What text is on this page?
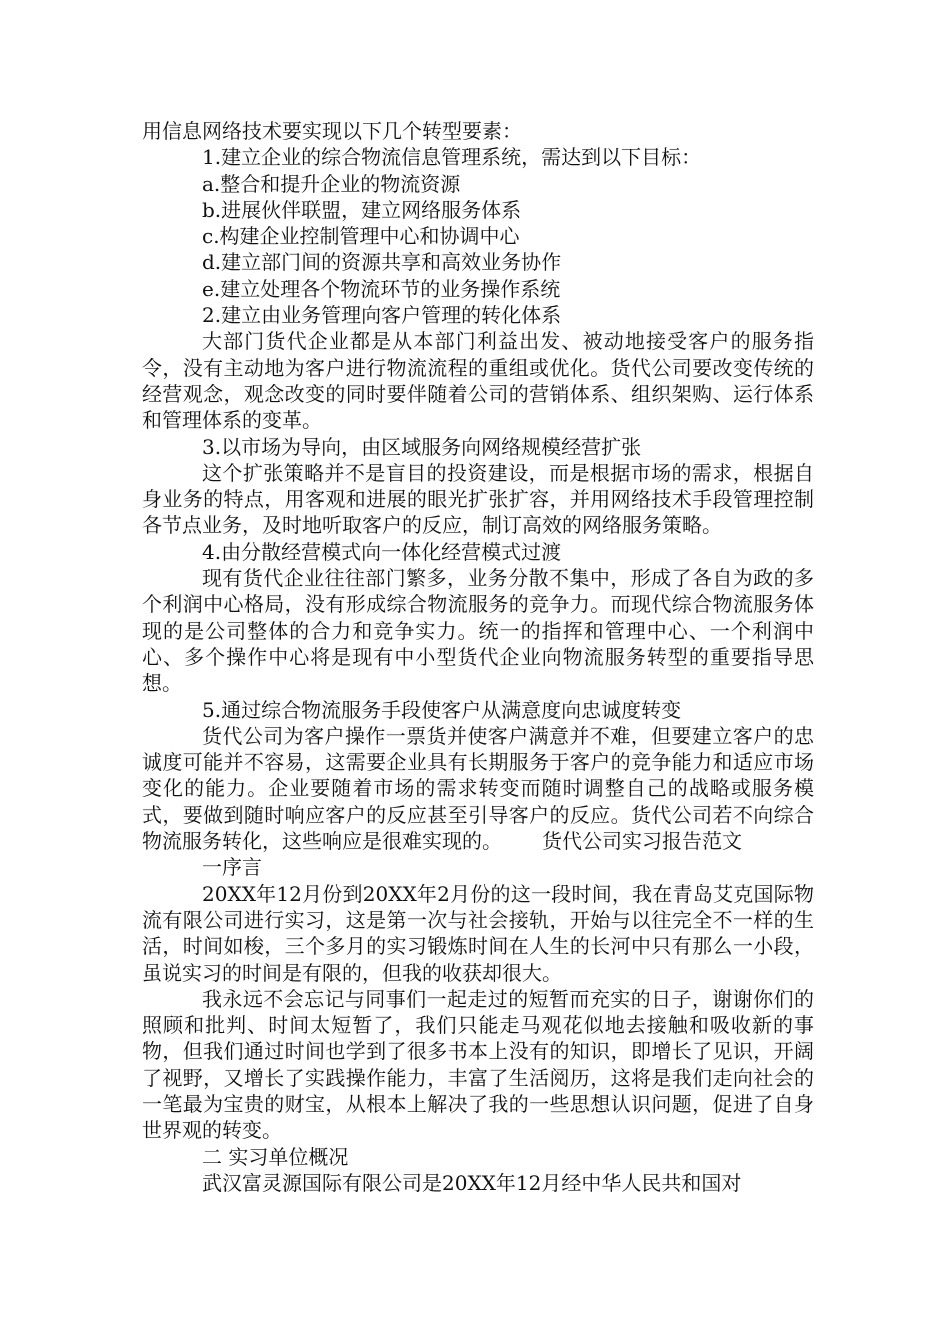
用信息网络技术要实现以下几个转型要素：

1.建立企业的综合物流信息管理系统，需达到以下目标：

a.整合和提升企业的物流资源

b.进展伙伴联盟，建立网络服务体系

c.构建企业控制管理中心和协调中心

d.建立部门间的资源共享和高效业务协作

e.建立处理各个物流环节的业务操作系统

2.建立由业务管理向客户管理的转化体系

大部门货代企业都是从本部门利益出发、被动地接受客户的服务指令，没有主动地为客户进行物流流程的重组或优化。货代公司要改变传统的经营观念，观念改变的同时要伴随着公司的营销体系、组织架购、运行体系和管理体系的变革。

3.以市场为导向，由区域服务向网络规模经营扩张

这个扩张策略并不是盲目的投资建设，而是根据市场的需求，根据自身业务的特点，用客观和进展的眼光扩张扩容，并用网络技术手段管理控制各节点业务，及时地听取客户的反应，制订高效的网络服务策略。

4.由分散经营模式向一体化经营模式过渡

现有货代企业往往部门繁多，业务分散不集中，形成了各自为政的多个利润中心格局，没有形成综合物流服务的竞争力。而现代综合物流服务体现的是公司整体的合力和竞争实力。统一的指挥和管理中心、一个利润中心、多个操作中心将是现有中小型货代企业向物流服务转型的重要指导思想。

5.通过综合物流服务手段使客户从满意度向忠诚度转变

货代公司为客户操作一票货并使客户满意并不难，但要建立客户的忠诚度可能并不容易，这需要企业具有长期服务于客户的竞争能力和适应市场变化的能力。企业要随着市场的需求转变而随时调整自己的战略或服务模式，要做到随时响应客户的反应甚至引导客户的反应。货代公司若不向综合物流服务转化，这些响应是很难实现的。 货代公司实习报告范文

一序言

20XX年12月份到20XX年2月份的这一段时间，我在青岛艾克国际物流有限公司进行实习，这是第一次与社会接轨，开始与以往完全不一样的生活，时间如梭，三个多月的实习锻炼时间在人生的长河中只有那么一小段，虽说实习的时间是有限的，但我的收获却很大。

我永远不会忘记与同事们一起走过的短暂而充实的日子，谢谢你们的照顾和批判、时间太短暂了，我们只能走马观花似地去接触和吸收新的事物，但我们通过时间也学到了很多书本上没有的知识，即增长了见识，开阔了视野，又增长了实践操作能力，丰富了生活阅历，这将是我们走向社会的一笔最为宝贵的财宝，从根本上解决了我的一些思想认识问题，促进了自身世界观的转变。

二 实习单位概况

武汉富灵源国际有限公司是20XX年12月经中华人民共和国对
